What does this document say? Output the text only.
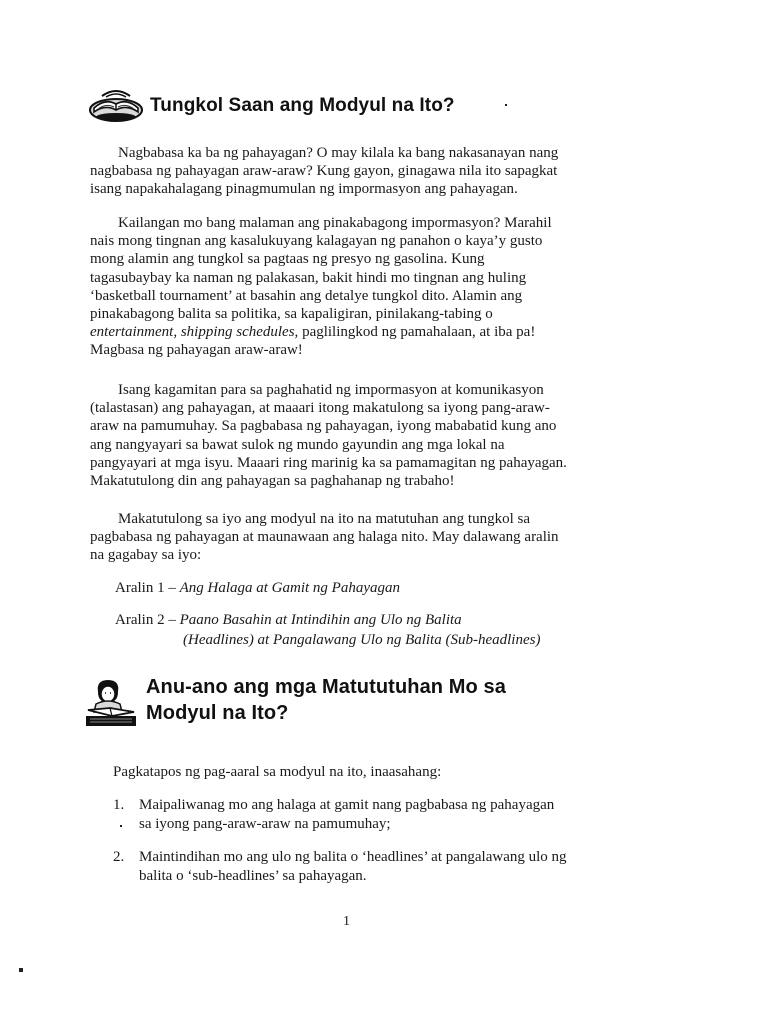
Tungkol Saan ang Modyul na Ito?

Nagbabasa ka ba ng pahayagan? O may kilala ka bang nakasanayan nang
nagbabasa ng pahayagan araw-araw? Kung gayon, ginagawa nila ito sapagkat
isang napakahalagang pinagmumulan ng impormasyon ang pahayagan.

Kailangan mo bang malaman ang pinakabagong impormasyon? Marahil
nais mong tingnan ang kasalukuyang kalagayan ng panahon o kaya’y gusto
mong alamin ang tungkol sa pagtaas ng presyo ng gasolina. Kung
tagasubaybay ka naman ng palakasan, bakit hindi mo tingnan ang huling
‘basketball tournament’ at basahin ang detalye tungkol dito. Alamin ang
pinakabagong balita sa politika, sa kapaligiran, pinilakang-tabing o
entertainment, shipping schedules, paglilingkod ng pamahalaan, at iba pa!
Magbasa ng pahayagan araw-araw!

Isang kagamitan para sa paghahatid ng impormasyon at komunikasyon
(talastasan) ang pahayagan, at maaari itong makatulong sa iyong pang-araw-
araw na pamumuhay. Sa pagbabasa ng pahayagan, iyong mababatid kung ano
ang nangyayari sa bawat sulok ng mundo gayundin ang mga lokal na
pangyayari at mga isyu. Maaari ring marinig ka sa pamamagitan ng pahayagan.
Makatutulong din ang pahayagan sa paghahanap ng trabaho!

Makatutulong sa iyo ang modyul na ito na matutuhan ang tungkol sa
pagbabasa ng pahayagan at maunawaan ang halaga nito. May dalawang aralin
na gagabay sa iyo:

Aralin 1 – Ang Halaga at Gamit ng Pahayagan
Aralin 2 – Paano Basahin at Intindihin ang Ulo ng Balita
(Headlines) at Pangalawang Ulo ng Balita (Sub-headlines)
Anu-ano ang mga Matututuhan Mo sa
Modyul na Ito?
Pagkatapos ng pag-aaral sa modyul na ito, inaasahang:
1. Maipaliwanag mo ang halaga at gamit nang pagbabasa ng pahayagan
sa iyong pang-araw-araw na pamumuhay;
2. Maintindihan mo ang ulo ng balita o ‘headlines’ at pangalawang ulo ng
balita o ‘sub-headlines’ sa pahayagan.
1
